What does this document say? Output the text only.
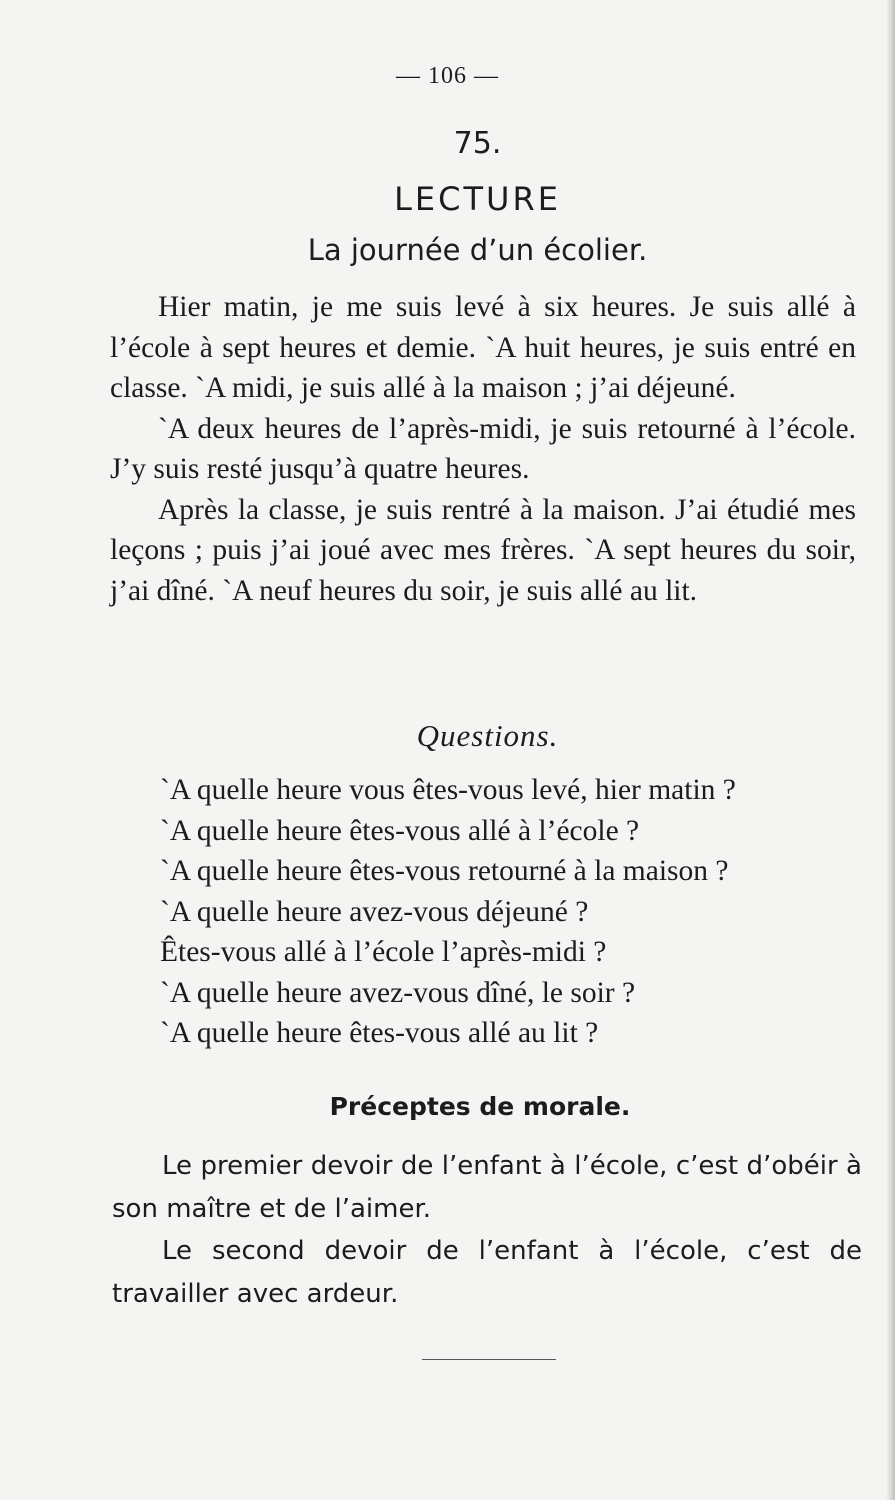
— 106 —
75.
LECTURE
La journée d’un écolier.

Hier matin, je me suis levé à six heures. Je suis allé à l’école à sept heures et demie. `A huit heures, je suis entré en classe. `A midi, je suis allé à la maison ; j’ai déjeuné.

`A deux heures de l’après-midi, je suis retourné à l’école. J’y suis resté jusqu’à quatre heures.

Après la classe, je suis rentré à la maison. J’ai étudié mes leçons ; puis j’ai joué avec mes frères. `A sept heures du soir, j’ai dîné. `A neuf heures du soir, je suis allé au lit.

Questions.
`A quelle heure vous êtes-vous levé, hier matin ?
`A quelle heure êtes-vous allé à l’école ?
`A quelle heure êtes-vous retourné à la maison ?
`A quelle heure avez-vous déjeuné ?
Êtes-vous allé à l’école l’après-midi ?
`A quelle heure avez-vous dîné, le soir ?
`A quelle heure êtes-vous allé au lit ?
Préceptes de morale.

Le premier devoir de l’enfant à l’école, c’est d’obéir à son maître et de l’aimer.

Le second devoir de l’enfant à l’école, c’est de travailler avec ardeur.
